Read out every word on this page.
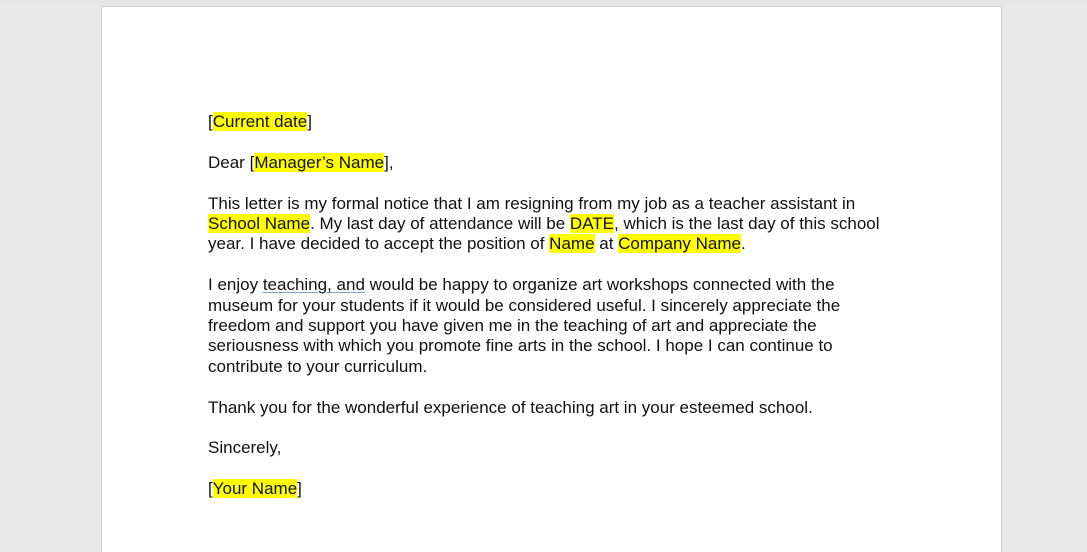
[Current date]

Dear [Manager’s Name],

This letter is my formal notice that I am resigning from my job as a teacher assistant in School Name. My last day of attendance will be DATE, which is the last day of this school year. I have decided to accept the position of Name at Company Name.

I enjoy teaching, and would be happy to organize art workshops connected with the museum for your students if it would be considered useful. I sincerely appreciate the freedom and support you have given me in the teaching of art and appreciate the seriousness with which you promote fine arts in the school. I hope I can continue to contribute to your curriculum.

Thank you for the wonderful experience of teaching art in your esteemed school.

Sincerely,

[Your Name]
